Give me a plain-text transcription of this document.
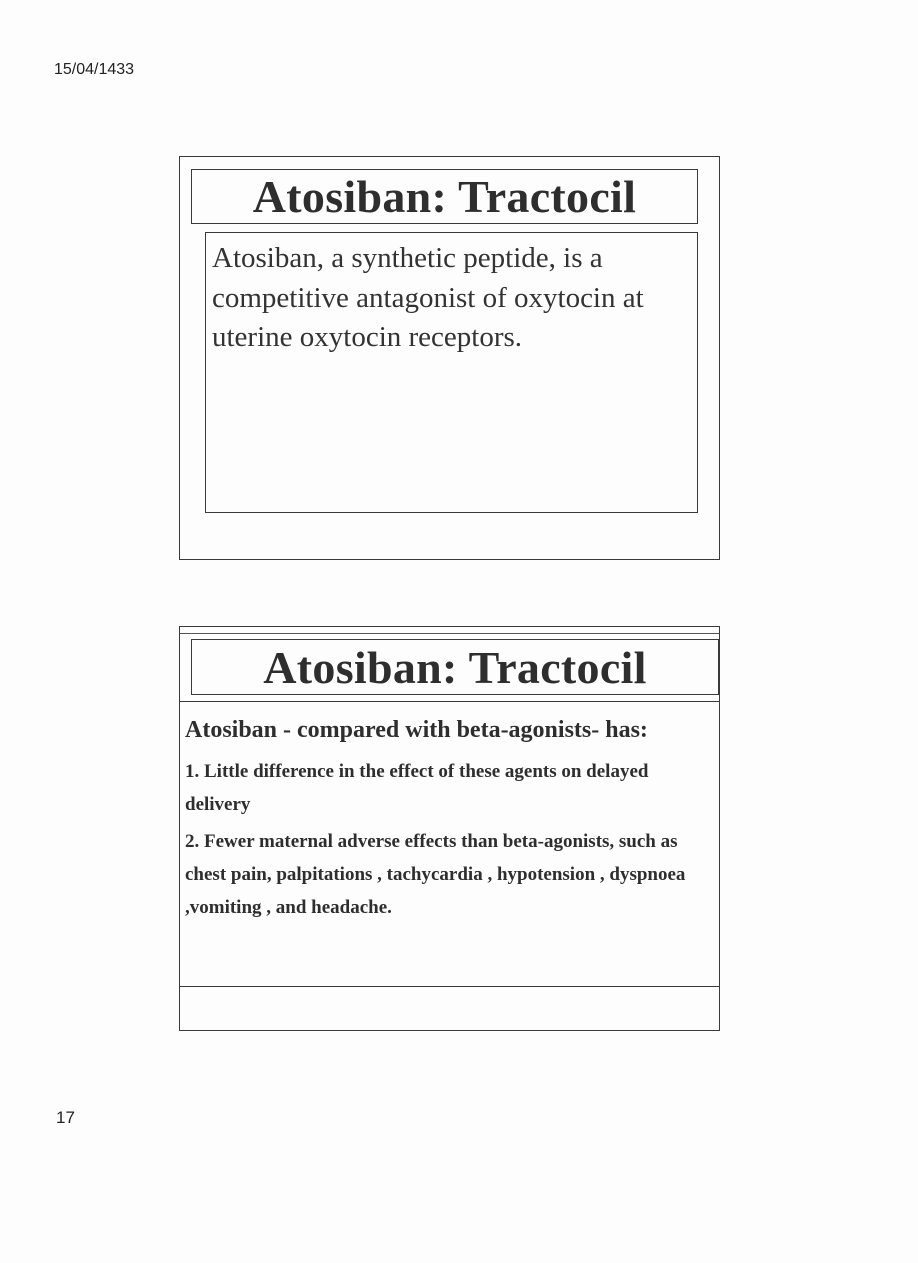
15/04/1433
Atosiban: Tractocil
Atosiban, a synthetic peptide, is a competitive antagonist of oxytocin at uterine oxytocin receptors.
Atosiban: Tractocil

Atosiban - compared with beta-agonists- has:

1. Little difference in the effect of these agents on delayed delivery

2. Fewer maternal adverse effects than beta-agonists, such as chest pain, palpitations , tachycardia , hypotension , dyspnoea ,vomiting , and headache.

17
